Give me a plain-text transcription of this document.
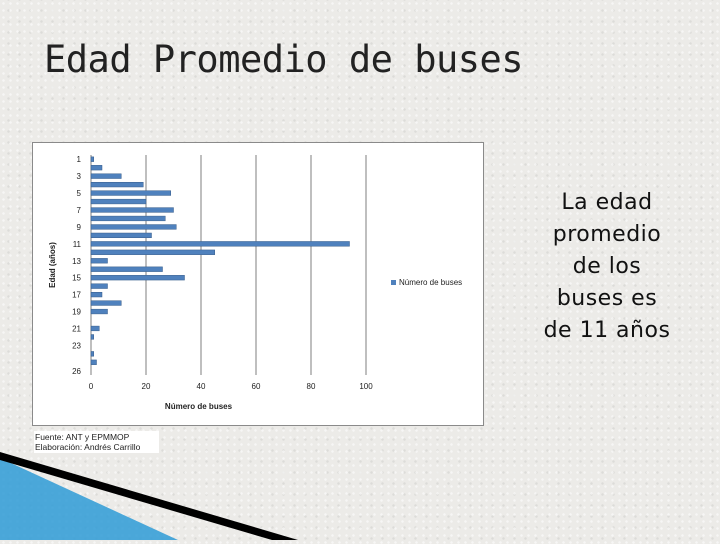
Edad Promedio de buses
0	20	40	60	80	100
1
3
5
7
9
11
13
15
17
19
21
23
26
Número de buses
Edad (años)	Número de buses
Fuente: ANT y EPMMOP
Elaboración: Andrés Carrillo
La edad
promedio
de los
buses es
de 11 años
